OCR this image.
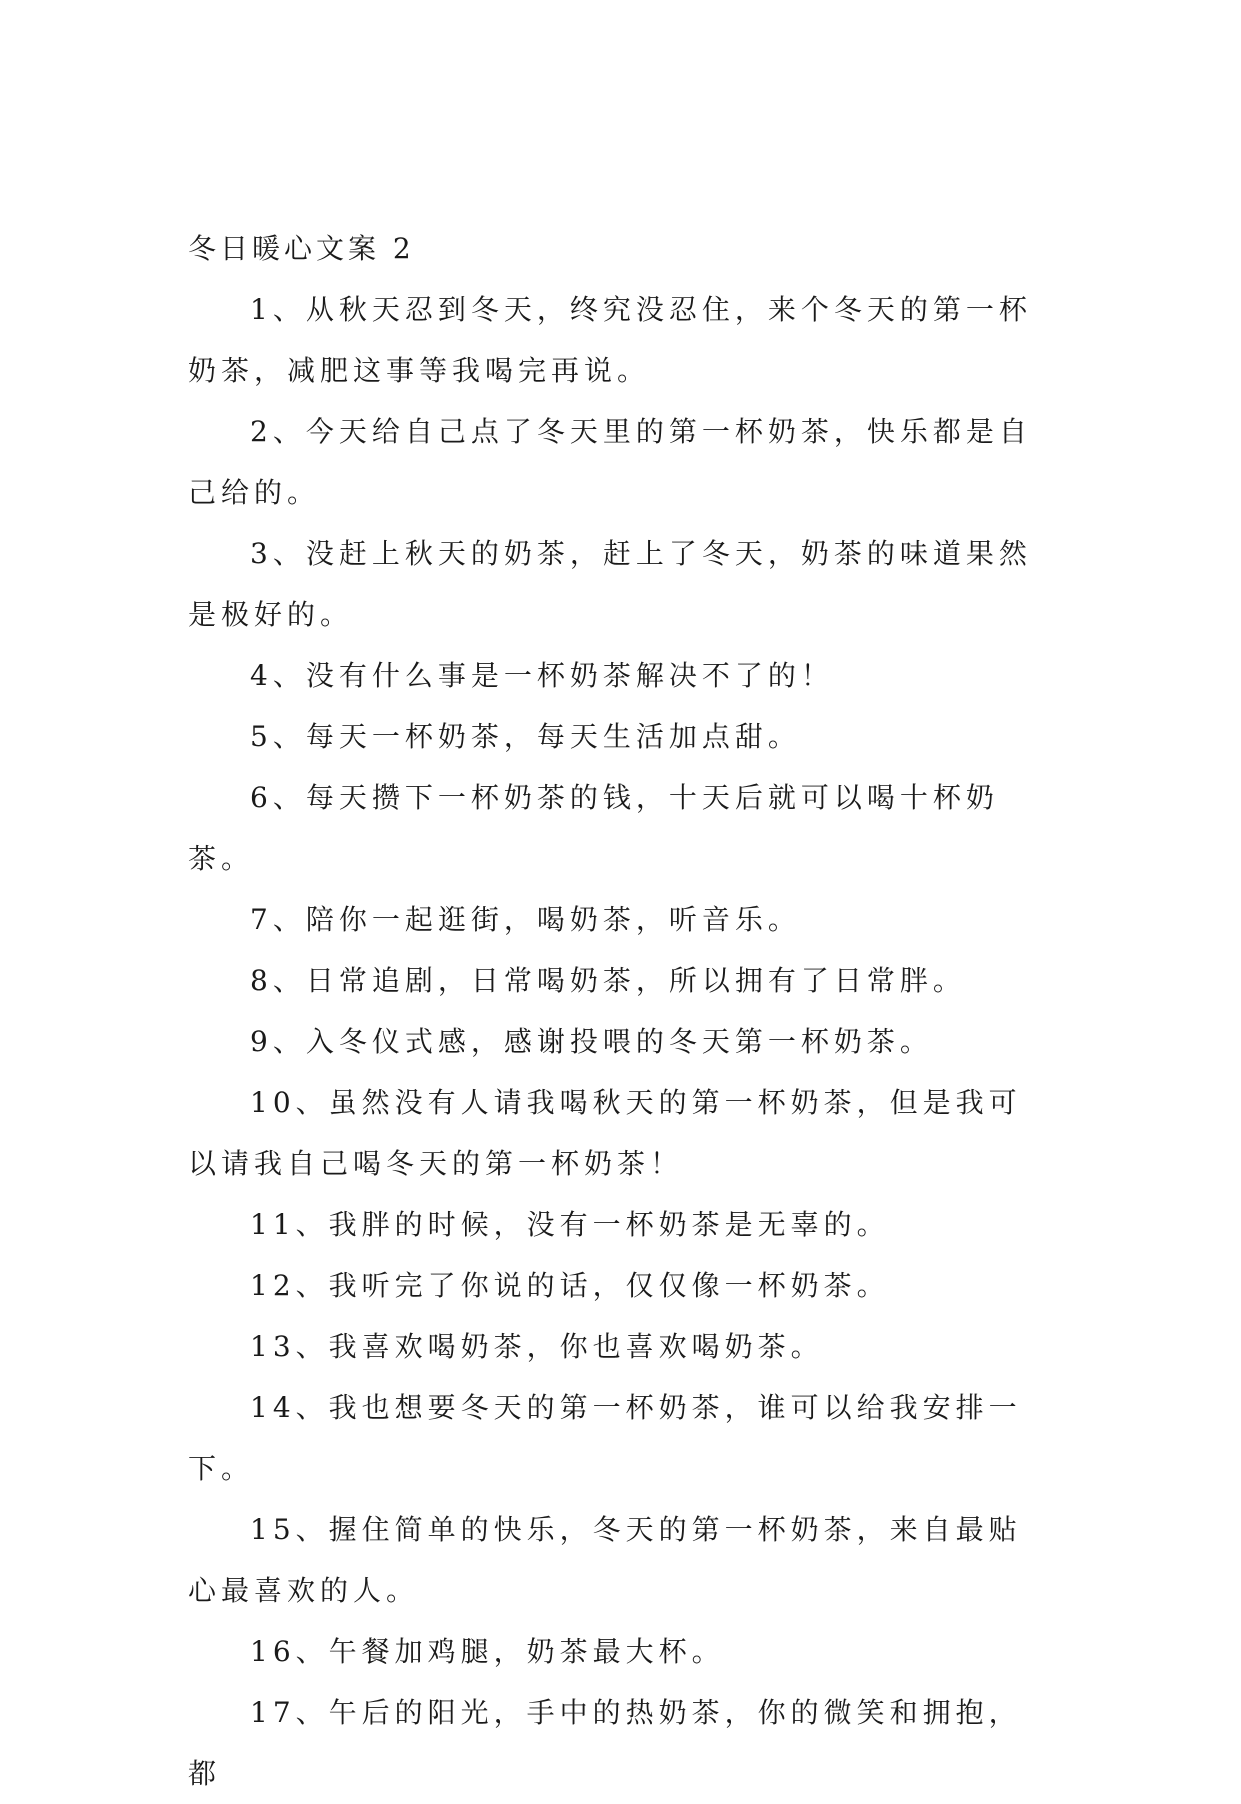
冬日暖心文案 2

1、从秋天忍到冬天，终究没忍住，来个冬天的第一杯奶茶，减肥这事等我喝完再说。

2、今天给自己点了冬天里的第一杯奶茶，快乐都是自己给的。

3、没赶上秋天的奶茶，赶上了冬天，奶茶的味道果然是极好的。

4、没有什么事是一杯奶茶解决不了的！

5、每天一杯奶茶，每天生活加点甜。

6、每天攒下一杯奶茶的钱，十天后就可以喝十杯奶茶。

7、陪你一起逛街，喝奶茶，听音乐。

8、日常追剧，日常喝奶茶，所以拥有了日常胖。

9、入冬仪式感，感谢投喂的冬天第一杯奶茶。

10、虽然没有人请我喝秋天的第一杯奶茶，但是我可以请我自己喝冬天的第一杯奶茶！

11、我胖的时候，没有一杯奶茶是无辜的。

12、我听完了你说的话，仅仅像一杯奶茶。

13、我喜欢喝奶茶，你也喜欢喝奶茶。

14、我也想要冬天的第一杯奶茶，谁可以给我安排一下。

15、握住简单的快乐，冬天的第一杯奶茶，来自最贴心最喜欢的人。

16、午餐加鸡腿，奶茶最大杯。

17、午后的阳光，手中的热奶茶，你的微笑和拥抱，都
